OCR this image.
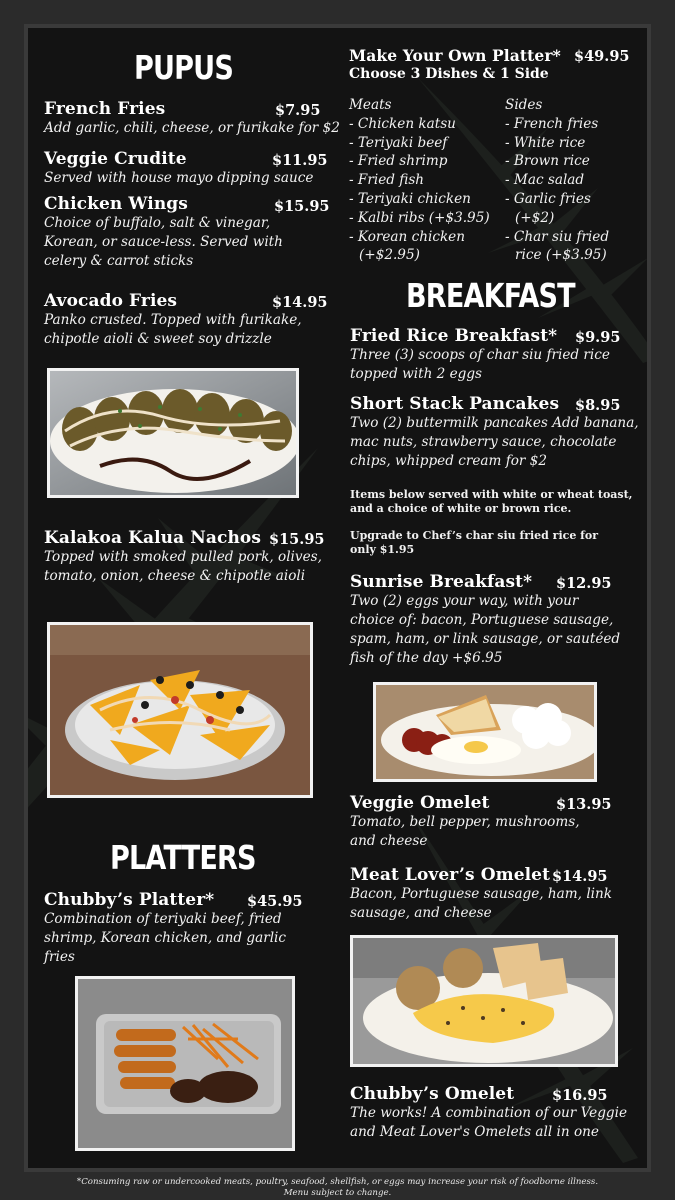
PUPUS
French Fries	$7.95
Add garlic, chili, cheese, or furikake for $2
Veggie Crudite	$11.95
Served with house mayo dipping sauce
Chicken Wings	$15.95
Choice of buffalo, salt & vinegar, Korean, or sauce-less. Served with celery & carrot sticks
Avocado Fries	$14.95
Panko crusted. Topped with furikake, chipotle aioli & sweet soy drizzle
Kalakoa Kalua Nachos $15.95
Topped with smoked pulled pork, olives, tomato, onion, cheese & chipotle aioli
PLATTERS
Chubby’s Platter*	$45.95
Combination of teriyaki beef, fried shrimp, Korean chicken, and garlic fries
Make Your Own Platter* $49.95
Choose 3 Dishes & 1 Side
Meats
- Chicken katsu
- Teriyaki beef
- Fried shrimp
- Fried fish
- Teriyaki chicken
- Kalbi ribs (+$3.95)
- Korean chicken
(+$2.95)
Sides
- French fries
- White rice
- Brown rice
- Mac salad
- Garlic fries
(+$2)
- Char siu fried
rice (+$3.95)
BREAKFAST
Fried Rice Breakfast*	$9.95
Three (3) scoops of char siu fried rice topped with 2 eggs
Short Stack Pancakes	$8.95
Two (2) buttermilk pancakes Add banana, mac nuts, strawberry sauce, chocolate chips, whipped cream for $2
Items below served with white or wheat toast, and a choice of white or brown rice.
Upgrade to Chef’s char siu fried rice for only $1.95
Sunrise Breakfast*	$12.95
Two (2) eggs your way, with your choice of: bacon, Portuguese sausage, spam, ham, or link sausage, or sautéed fish of the day +$6.95
Veggie Omelet	$13.95
Tomato, bell pepper, mushrooms, and cheese
Meat Lover’s Omelet $14.95
Bacon, Portuguese sausage, ham, link sausage, and cheese
Chubby’s Omelet	$16.95
The works! A combination of our Veggie and Meat Lover's Omelets all in one
*Consuming raw or undercooked meats, poultry, seafood, shellfish, or eggs may increase your risk of foodborne illness.
Menu subject to change.
